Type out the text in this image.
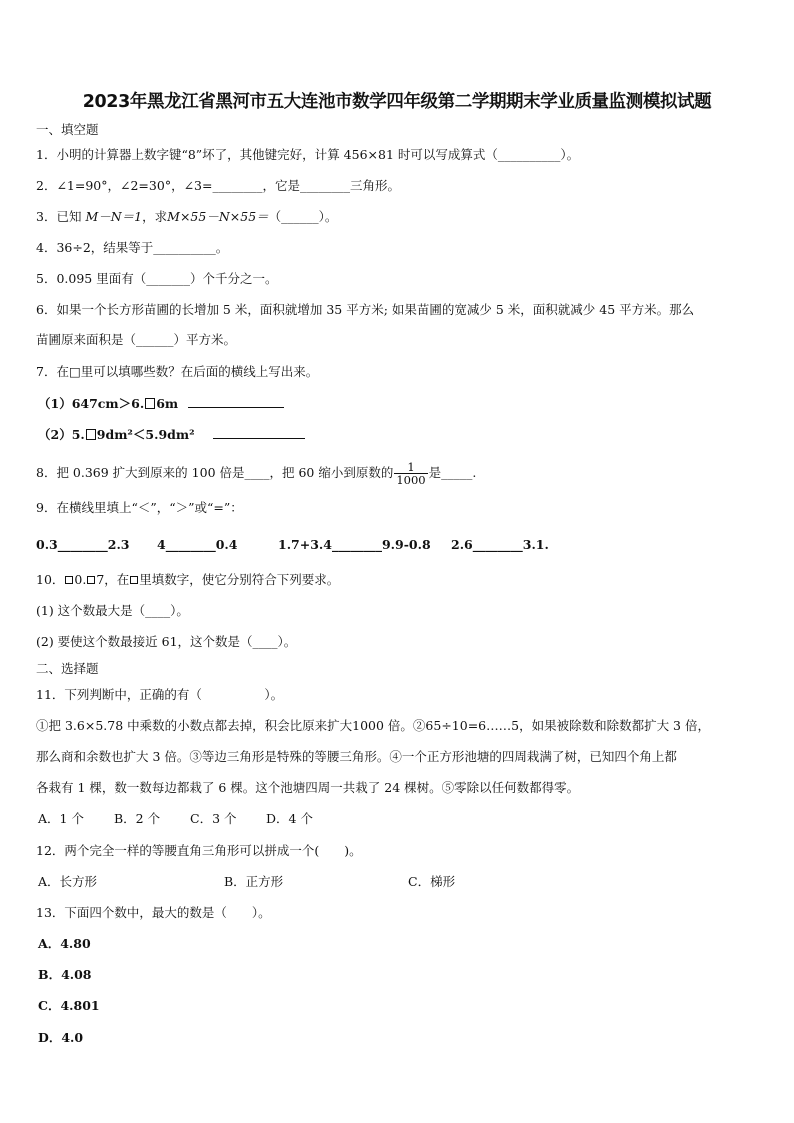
2023年黑龙江省黑河市五大连池市数学四年级第二学期期末学业质量监测模拟试题
一、填空题
1．小明的计算器上数字键“8”坏了，其他键完好，计算 456×81 时可以写成算式（__________）。
2．∠1=90°，∠2=30°，∠3=________，它是________三角形。
3．已知 M－N＝1，求M×55－N×55＝（______）。
4．36÷2，结果等于__________。
5．0.095 里面有（_______）个千分之一。
6．如果一个长方形苗圃的长增加 5 米，面积就增加 35 平方米; 如果苗圃的宽减少 5 米，面积就减少 45 平方米。那么
苗圃原来面积是（______）平方米。
7．在□里可以填哪些数？在后面的横线上写出来。
（1）647cm＞6. 6m
（2）5. 9dm²＜5.9dm²
8．把 0.369 扩大到原来的 100 倍是____，把 60 缩小到原数的 $\frac{1}{1000}$ 是_____.
9．在横线里填上“＜”，“＞”或“=”：
0.3________2.3 4________0.4	1.7+3.4________9.9-0.8 2.6________3.1.
10． 0. 7，在 里填数字，使它分别符合下列要求。
(1) 这个数最大是（____）。
(2) 要使这个数最接近 61，这个数是（____）。
二、选择题
11．下列判断中，正确的有（　　　　　）。
①把 3.6×5.78 中乘数的小数点都去掉，积会比原来扩大1000 倍。②65÷10=6……5，如果被除数和除数都扩大 3 倍，
那么商和余数也扩大 3 倍。③等边三角形是特殊的等腰三角形。④一个正方形池塘的四周栽满了树，已知四个角上都
各栽有 1 棵，数一数每边都栽了 6 棵。这个池塘四周一共栽了 24 棵树。⑤零除以任何数都得零。
A．1 个 B．2 个 C．3 个 D．4 个
12．两个完全一样的等腰直角三角形可以拼成一个(　　)。
A．长方形	B．正方形	C．梯形
13．下面四个数中，最大的数是（　　）。
A．4.80
B．4.08
C．4.801
D．4.0
